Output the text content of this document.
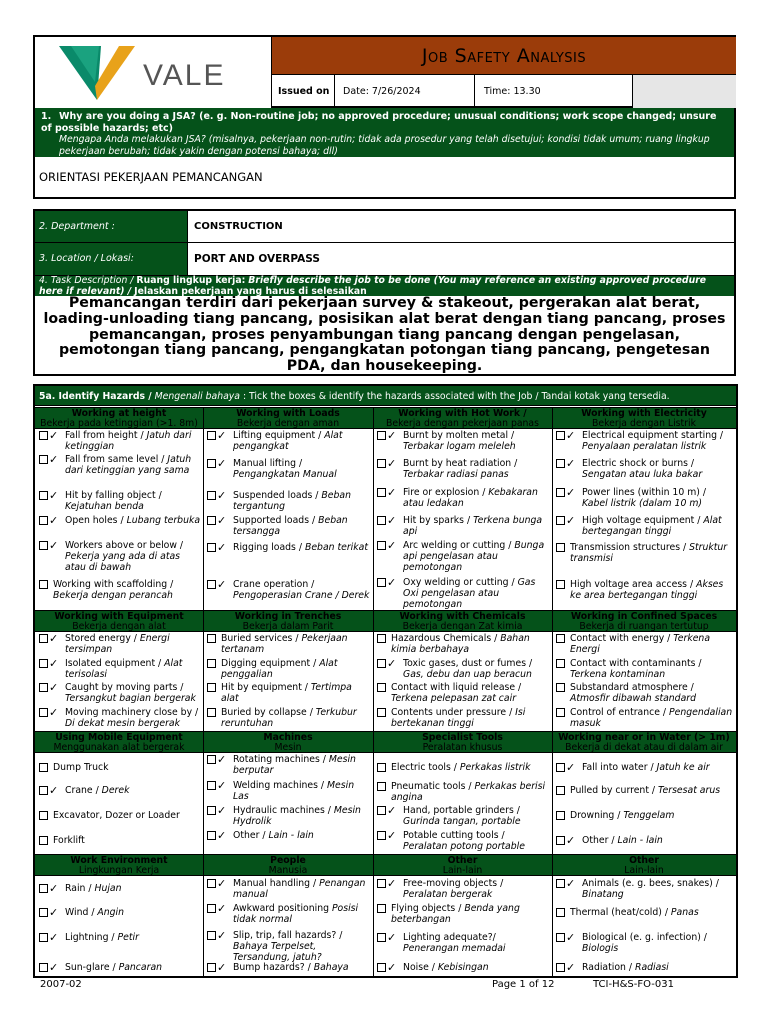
VALE
Job Safety Analysis
Issued on	Date: 7/26/2024	Time: 13.30
1. Why are you doing a JSA? (e. g. Non-routine job; no approved procedure; unusual conditions; work scope changed; unsure of possible hazards; etc)
Mengapa Anda melakukan JSA? (misalnya, pekerjaan non-rutin; tidak ada prosedur yang telah disetujui; kondisi tidak umum; ruang lingkup pekerjaan berubah; tidak yakin dengan potensi bahaya; dll)
ORIENTASI PEKERJAAN PEMANCANGAN
2. Department :	CONSTRUCTION
3. Location / Lokasi:	PORT AND OVERPASS
4. Task Description / Ruang lingkup kerja: Briefly describe the job to be done (You may reference an existing approved procedure here if relevant) / Jelaskan pekerjaan yang harus di selesaikan
Pemancangan terdiri dari pekerjaan survey & stakeout, pergerakan alat berat, loading-unloading tiang pancang, posisikan alat berat dengan tiang pancang, proses pemancangan, proses penyambungan tiang pancang dengan pengelasan, pemotongan tiang pancang, pengangkatan potongan tiang pancang, pengetesan PDA, dan housekeeping.
5a. Identify Hazards / Mengenali bahaya : Tick the boxes & identify the hazards associated with the Job / Tandai kotak yang tersedia.
Working at height
Bekerja pada ketinggian (>1. 8m)
✓ Fall from height / Jatuh dari ketinggian
✓ Fall from same level / Jatuh dari ketinggian yang sama
✓ Hit by falling object / Kejatuhan benda
✓ Open holes / Lubang terbuka
✓ Workers above or below / Pekerja yang ada di atas atau di bawah
Working with scaffolding / Bekerja dengan perancah
Working with Loads
Bekerja dengan aman
✓ Lifting equipment / Alat pengangkat
✓ Manual lifting / Pengangkatan Manual
✓ Suspended loads / Beban tergantung
✓ Supported loads / Beban tersangga
✓ Rigging loads / Beban terikat
✓ Crane operation / Pengoperasian Crane / Derek
Working with Hot Work /
Bekerja dengan pekerjaan panas
✓ Burnt by molten metal / Terbakar logam meleleh
✓ Burnt by heat radiation / Terbakar radiasi panas
✓ Fire or explosion / Kebakaran atau ledakan
✓ Hit by sparks / Terkena bunga api
✓ Arc welding or cutting / Bunga api pengelasan atau pemotongan
✓ Oxy welding or cutting / Gas Oxi pengelasan atau pemotongan
Working with Electricity
Bekerja dengan Listrik
✓ Electrical equipment starting / Penyalaan peralatan listrik
✓ Electric shock or burns / Sengatan atau luka bakar
✓ Power lines (within 10 m) / Kabel listrik (dalam 10 m)
✓ High voltage equipment / Alat bertegangan tinggi
Transmission structures / Struktur transmisi
High voltage area access / Akses ke area bertegangan tinggi
Working with Equipment
Bekerja dengan alat
✓ Stored energy / Energi tersimpan
✓ Isolated equipment / Alat terisolasi
✓ Caught by moving parts / Tersangkut bagian bergerak
✓ Moving machinery close by / Di dekat mesin bergerak
Working in Trenches
Bekerja dalam Parit
Buried services / Pekerjaan tertanam
Digging equipment / Alat penggalian
Hit by equipment / Tertimpa alat
Buried by collapse / Terkubur reruntuhan
Working with Chemicals
Bekerja dengan Zat kimia
Hazardous Chemicals / Bahan kimia berbahaya
✓ Toxic gases, dust or fumes / Gas, debu dan uap beracun
Contact with liquid release / Terkena pelepasan zat cair
Contents under pressure / Isi bertekanan tinggi
Working in Confined Spaces
Bekerja di ruangan tertutup
Contact with energy / Terkena Energi
Contact with contaminants / Terkena kontaminan
Substandard atmosphere / Atmosfir dibawah standard
Control of entrance / Pengendalian masuk
Using Mobile Equipment
Menggunakan alat bergerak
Dump Truck
✓ Crane / Derek
Excavator, Dozer or Loader
Forklift
Machines
Mesin
✓ Rotating machines / Mesin berputar
✓ Welding machines / Mesin Las
✓ Hydraulic machines / Mesin Hydrolik
✓ Other / Lain - lain
Specialist Tools
Peralatan khusus
Electric tools / Perkakas listrik
Pneumatic tools / Perkakas berisi angina
✓ Hand, portable grinders / Gurinda tangan, portable
✓ Potable cutting tools / Peralatan potong portable
Working near or in Water (> 1m)
Bekerja di dekat atau di dalam air
✓ Fall into water / Jatuh ke air
Pulled by current / Tersesat arus
Drowning / Tenggelam
✓ Other / Lain - lain
Work Environment
Lingkungan Kerja
✓ Rain / Hujan
✓ Wind / Angin
✓ Lightning / Petir
✓ Sun-glare / Pancaran
People
Manusia
✓ Manual handling / Penangan manual
✓ Awkward positioning Posisi tidak normal
✓ Slip, trip, fall hazards? / Bahaya Terpelset, Tersandung, jatuh?
✓ Bump hazards? / Bahaya
Other
Lain-lain
✓ Free-moving objects / Peralatan bergerak
Flying objects / Benda yang beterbangan
✓ Lighting adequate?/ Penerangan memadai
✓ Noise / Kebisingan
Other
Lain-lain
✓ Animals (e. g. bees, snakes) / Binatang
Thermal (heat/cold) / Panas
✓ Biological (e. g. infection) / Biologis
✓ Radiation / Radiasi
2007-02	Page 1 of 12	TCI-H&S-FO-031
